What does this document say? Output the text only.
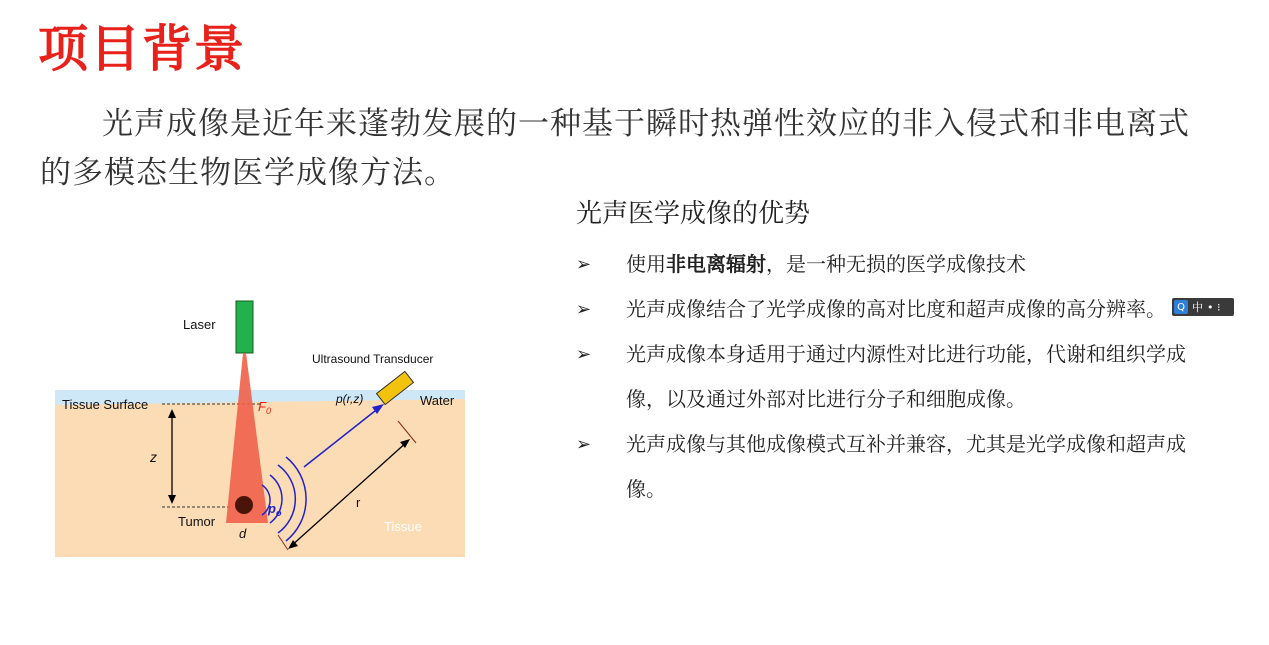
项目背景
光声成像是近年来蓬勃发展的一种基于瞬时热弹性效应的非入侵式和非电离式的多模态生物医学成像方法。
Laser
Ultrasound Transducer
Tissue Surface	Water
$F_0$
p(r,z)
z
r
$p_o$
Tumor
d	Tissue
光声医学成像的优势
➢ 使用非电离辐射，是一种无损的医学成像技术
➢ 光声成像结合了光学成像的高对比度和超声成像的高分辨率。
➢ 光声成像本身适用于通过内源性对比进行功能，代谢和组织学成像，以及通过外部对比进行分子和细胞成像。
➢ 光声成像与其他成像模式互补并兼容，尤其是光学成像和超声成像。
Q 中 • ⁝
